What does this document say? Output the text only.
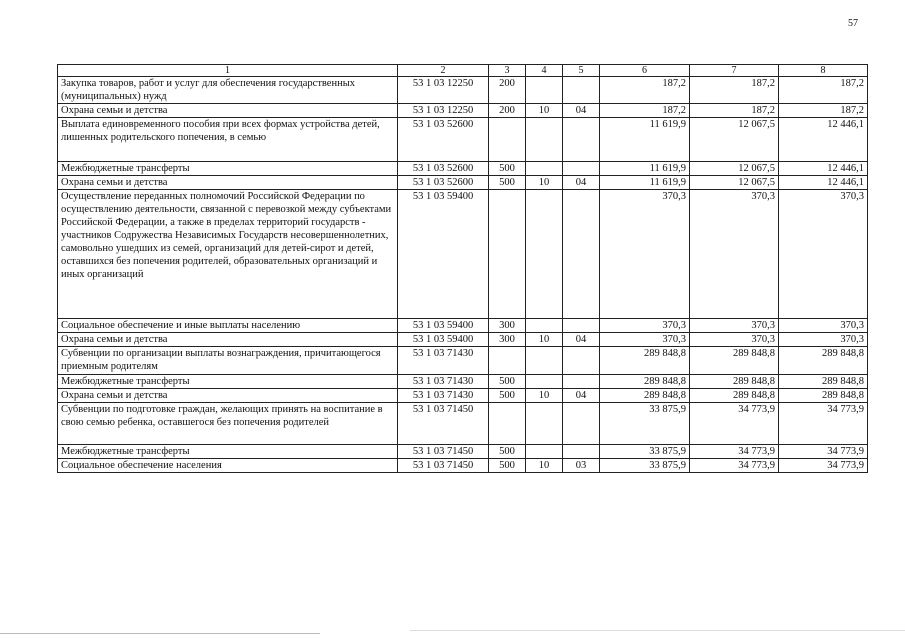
57
1	2	3	4	5	6	7	8
Закупка товаров, работ и услуг для обеспечения государственных (муниципальных) нужд	53 1 03 12250	200			187,2	187,2	187,2
Охрана семьи и детства	53 1 03 12250	200	10	04	187,2	187,2	187,2
Выплата единовременного пособия при всех формах устройства детей, лишенных родительского попечения, в семью	53 1 03 52600				11 619,9	12 067,5	12 446,1
Межбюджетные трансферты	53 1 03 52600	500			11 619,9	12 067,5	12 446,1
Охрана семьи и детства	53 1 03 52600	500	10	04	11 619,9	12 067,5	12 446,1
Осуществление переданных полномочий Российской Федерации по осуществлению деятельности, связанной с перевозкой между субъектами Российской Федерации, а также в пределах территорий государств - участников Содружества Независимых Государств несовершеннолетних, самовольно ушедших из семей, организаций для детей-сирот и детей, оставшихся без попечения родителей, образовательных организаций и иных организаций	53 1 03 59400				370,3	370,3	370,3
Социальное обеспечение и иные выплаты населению	53 1 03 59400	300			370,3	370,3	370,3
Охрана семьи и детства	53 1 03 59400	300	10	04	370,3	370,3	370,3
Субвенции по организации выплаты вознаграждения, причитающегося приемным родителям	53 1 03 71430				289 848,8	289 848,8	289 848,8
Межбюджетные трансферты	53 1 03 71430	500			289 848,8	289 848,8	289 848,8
Охрана семьи и детства	53 1 03 71430	500	10	04	289 848,8	289 848,8	289 848,8
Субвенции по подготовке граждан, желающих принять на воспитание в свою семью ребенка, оставшегося без попечения родителей	53 1 03 71450				33 875,9	34 773,9	34 773,9
Межбюджетные трансферты	53 1 03 71450	500			33 875,9	34 773,9	34 773,9
Социальное обеспечение населения	53 1 03 71450	500	10	03	33 875,9	34 773,9	34 773,9
